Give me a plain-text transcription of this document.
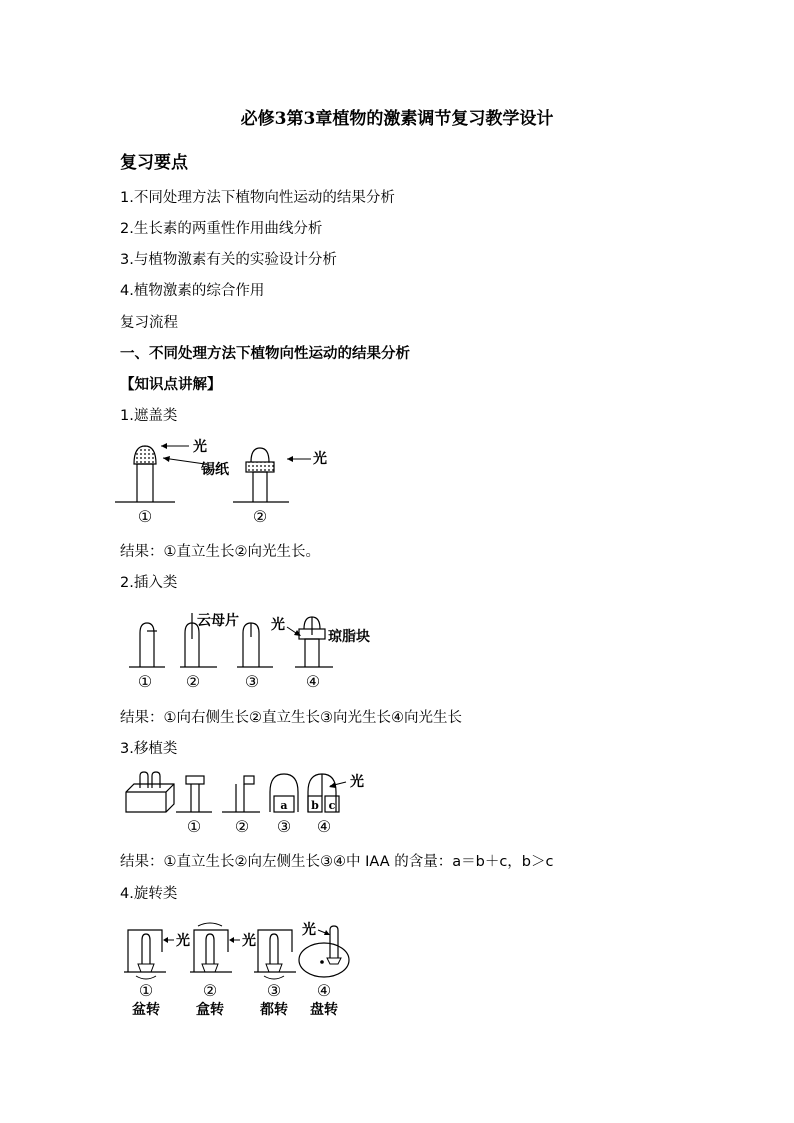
必修3第3章植物的激素调节复习教学设计
复习要点
1.不同处理方法下植物向性运动的结果分析
2.生长素的两重性作用曲线分析
3.与植物激素有关的实验设计分析
4.植物激素的综合作用
复习流程
一、不同处理方法下植物向性运动的结果分析
【知识点讲解】
1.遮盖类
光
锡纸
①
光
②
结果：①直立生长②向光生长。
2.插入类
①
云母片
②
光
③
琼脂块
④
结果：①向右侧生长②直立生长③向光生长④向光生长
3.移植类
① ②
a
③
b c
光
④
结果：①直立生长②向左侧生长③④中 IAA 的含量：a＝b＋c，b＞c
4.旋转类
光
①
盆转
光
②
盒转
③
都转
光
④
盘转
